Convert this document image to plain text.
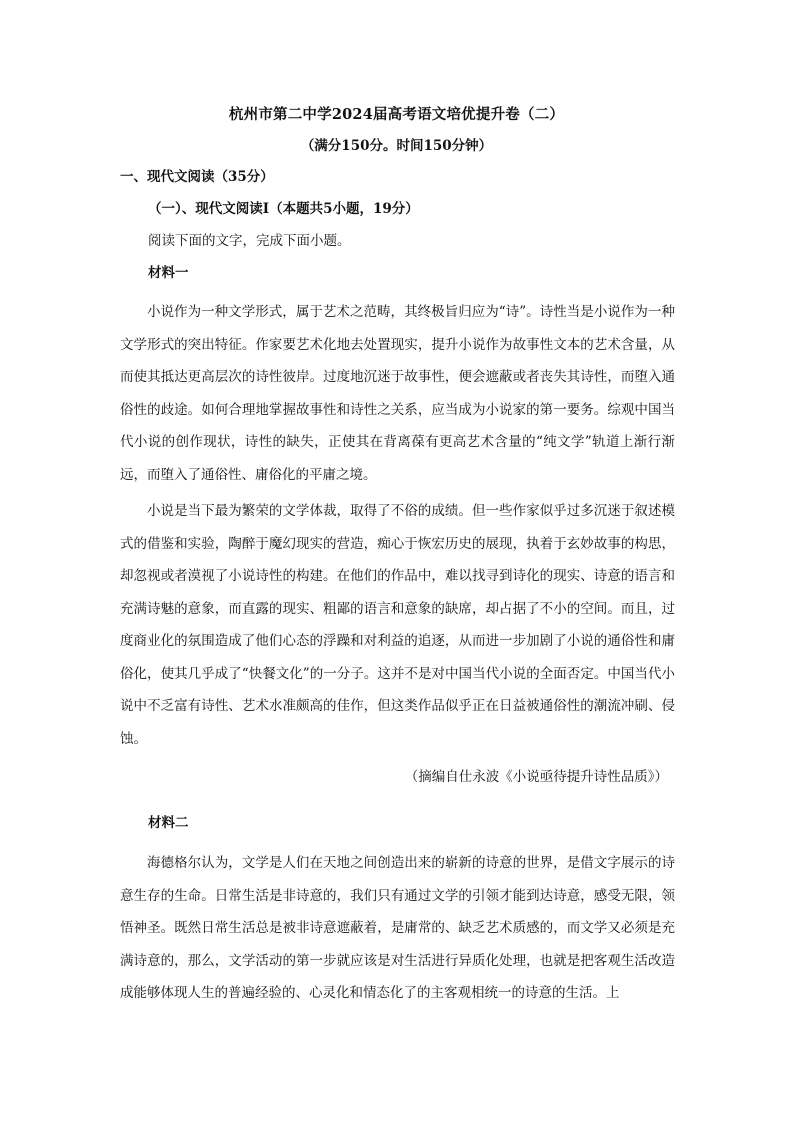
杭州市第二中学2024届高考语文培优提升卷（二）

（满分150分。时间150分钟）

一、现代文阅读（35分）

（一）、现代文阅读Ⅰ（本题共5小题，19分）

阅读下面的文字，完成下面小题。

材料一

小说作为一种文学形式，属于艺术之范畴，其终极旨归应为“诗”。诗性当是小说作为一种文学形式的突出特征。作家要艺术化地去处置现实，提升小说作为故事性文本的艺术含量，从而使其抵达更高层次的诗性彼岸。过度地沉迷于故事性，便会遮蔽或者丧失其诗性，而堕入通俗性的歧途。如何合理地掌握故事性和诗性之关系，应当成为小说家的第一要务。综观中国当代小说的创作现状，诗性的缺失，正使其在背离葆有更高艺术含量的“纯文学”轨道上渐行渐远，而堕入了通俗性、庸俗化的平庸之境。

小说是当下最为繁荣的文学体裁，取得了不俗的成绩。但一些作家似乎过多沉迷于叙述模式的借鉴和实验，陶醉于魔幻现实的营造，痴心于恢宏历史的展现，执着于玄妙故事的构思，却忽视或者漠视了小说诗性的构建。在他们的作品中，难以找寻到诗化的现实、诗意的语言和充满诗魅的意象，而直露的现实、粗鄙的语言和意象的缺席，却占据了不小的空间。而且，过度商业化的氛围造成了他们心态的浮躁和对利益的追逐，从而进一步加剧了小说的通俗性和庸俗化，使其几乎成了“快餐文化”的一分子。这并不是对中国当代小说的全面否定。中国当代小说中不乏富有诗性、艺术水准颇高的佳作，但这类作品似乎正在日益被通俗性的潮流冲刷、侵蚀。

（摘编自仕永波《小说亟待提升诗性品质》）

材料二

海德格尔认为，文学是人们在天地之间创造出来的崭新的诗意的世界，是借文字展示的诗意生存的生命。日常生活是非诗意的，我们只有通过文学的引领才能到达诗意，感受无限，领悟神圣。既然日常生活总是被非诗意遮蔽着，是庸常的、缺乏艺术质感的，而文学又必须是充满诗意的，那么，文学活动的第一步就应该是对生活进行异质化处理，也就是把客观生活改造成能够体现人生的普遍经验的、心灵化和情态化了的主客观相统一的诗意的生活。上
